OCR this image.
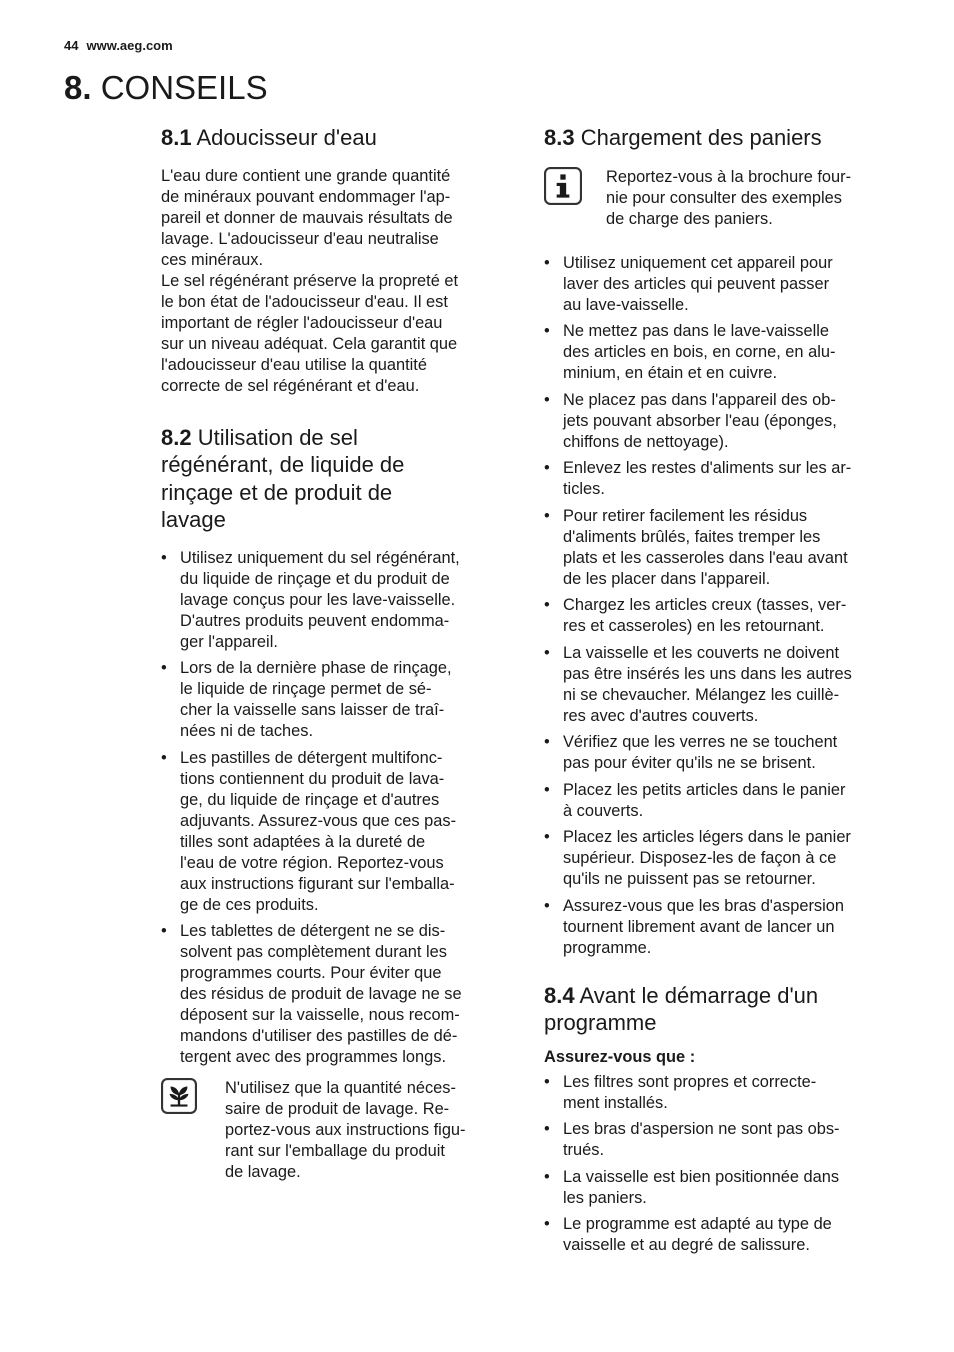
44 www.aeg.com
8. CONSEILS
8.1 Adoucisseur d'eau

L'eau dure contient une grande quantité
de minéraux pouvant endommager l'ap-
pareil et donner de mauvais résultats de
lavage. L'adoucisseur d'eau neutralise
ces minéraux.
Le sel régénérant préserve la propreté et
le bon état de l'adoucisseur d'eau. Il est
important de régler l'adoucisseur d'eau
sur un niveau adéquat. Cela garantit que
l'adoucisseur d'eau utilise la quantité
correcte de sel régénérant et d'eau.

8.2 Utilisation de sel
régénérant, de liquide de
rinçage et de produit de
lavage
• Utilisez uniquement du sel régénérant,
du liquide de rinçage et du produit de
lavage conçus pour les lave-vaisselle.
D'autres produits peuvent endomma-
ger l'appareil.
• Lors de la dernière phase de rinçage,
le liquide de rinçage permet de sé-
cher la vaisselle sans laisser de traî-
nées ni de taches.
• Les pastilles de détergent multifonc-
tions contiennent du produit de lava-
ge, du liquide de rinçage et d'autres
adjuvants. Assurez-vous que ces pas-
tilles sont adaptées à la dureté de
l'eau de votre région. Reportez-vous
aux instructions figurant sur l'emballa-
ge de ces produits.
• Les tablettes de détergent ne se dis-
solvent pas complètement durant les
programmes courts. Pour éviter que
des résidus de produit de lavage ne se
déposent sur la vaisselle, nous recom-
mandons d'utiliser des pastilles de dé-
tergent avec des programmes longs.

N'utilisez que la quantité néces-
saire de produit de lavage. Re-
portez-vous aux instructions figu-
rant sur l'emballage du produit
de lavage.

8.3 Chargement des paniers

Reportez-vous à la brochure four-
nie pour consulter des exemples
de charge des paniers.

• Utilisez uniquement cet appareil pour
laver des articles qui peuvent passer
au lave-vaisselle.
• Ne mettez pas dans le lave-vaisselle
des articles en bois, en corne, en alu-
minium, en étain et en cuivre.
• Ne placez pas dans l'appareil des ob-
jets pouvant absorber l'eau (éponges,
chiffons de nettoyage).
• Enlevez les restes d'aliments sur les ar-
ticles.
• Pour retirer facilement les résidus
d'aliments brûlés, faites tremper les
plats et les casseroles dans l'eau avant
de les placer dans l'appareil.
• Chargez les articles creux (tasses, ver-
res et casseroles) en les retournant.
• La vaisselle et les couverts ne doivent
pas être insérés les uns dans les autres
ni se chevaucher. Mélangez les cuillè-
res avec d'autres couverts.
• Vérifiez que les verres ne se touchent
pas pour éviter qu'ils ne se brisent.
• Placez les petits articles dans le panier
à couverts.
• Placez les articles légers dans le panier
supérieur. Disposez-les de façon à ce
qu'ils ne puissent pas se retourner.
• Assurez-vous que les bras d'aspersion
tournent librement avant de lancer un
programme.
8.4 Avant le démarrage d'un
programme
Assurez-vous que :
• Les filtres sont propres et correcte-
ment installés.
• Les bras d'aspersion ne sont pas obs-
trués.
• La vaisselle est bien positionnée dans
les paniers.
• Le programme est adapté au type de
vaisselle et au degré de salissure.
